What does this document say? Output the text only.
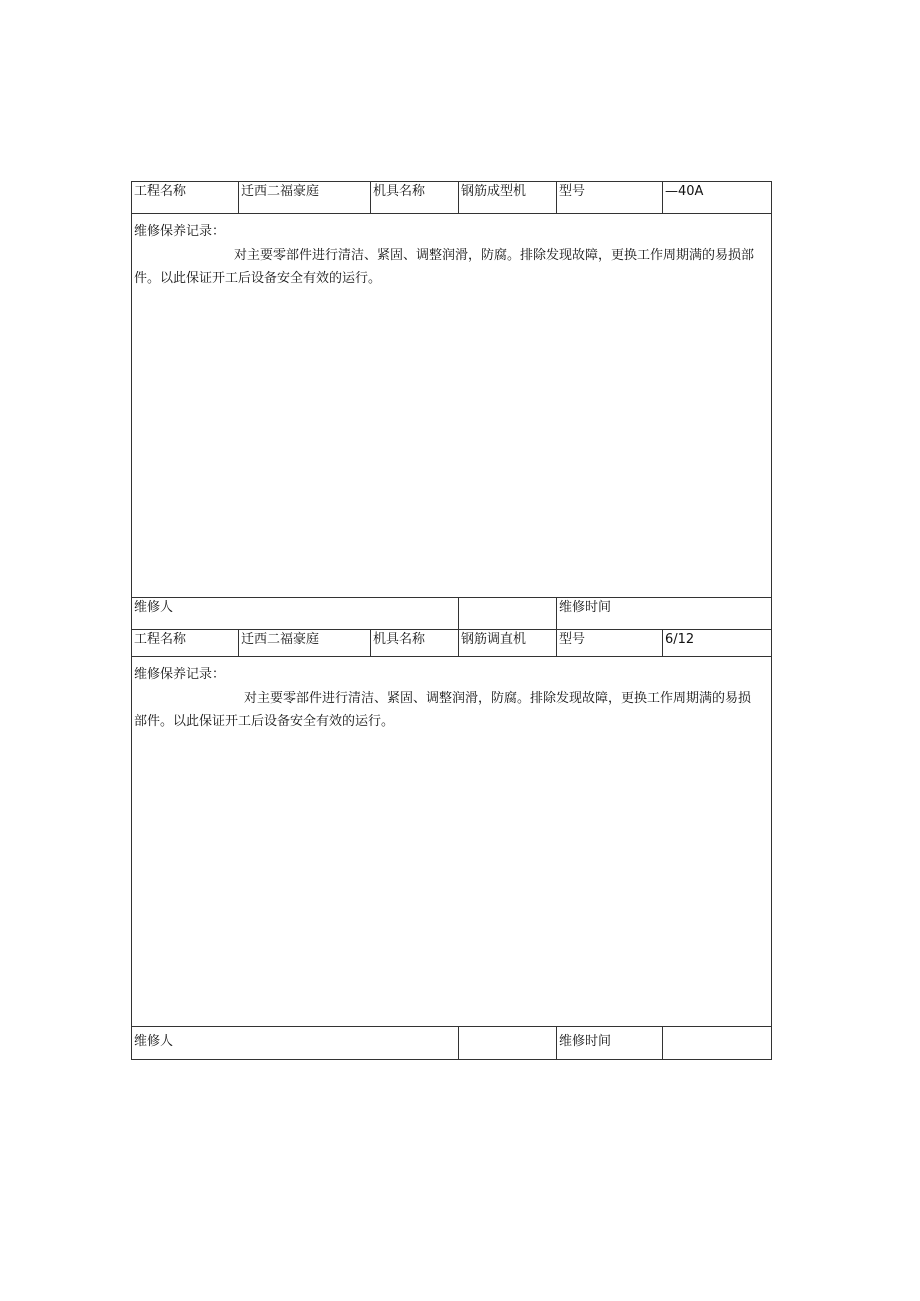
工程名称	迁西二福豪庭	机具名称	钢筋成型机	型号	—40A
维修保养记录：
对主要零部件进行清洁、紧固、调整润滑，防腐。排除发现故障，更换工作周期满的易损部件。以此保证开工后设备安全有效的运行。
维修人	维修时间
工程名称	迁西二福豪庭	机具名称	钢筋调直机	型号	6/12
维修保养记录：
对主要零部件进行清洁、紧固、调整润滑，防腐。排除发现故障，更换工作周期满的易损部件。以此保证开工后设备安全有效的运行。
维修人	维修时间
